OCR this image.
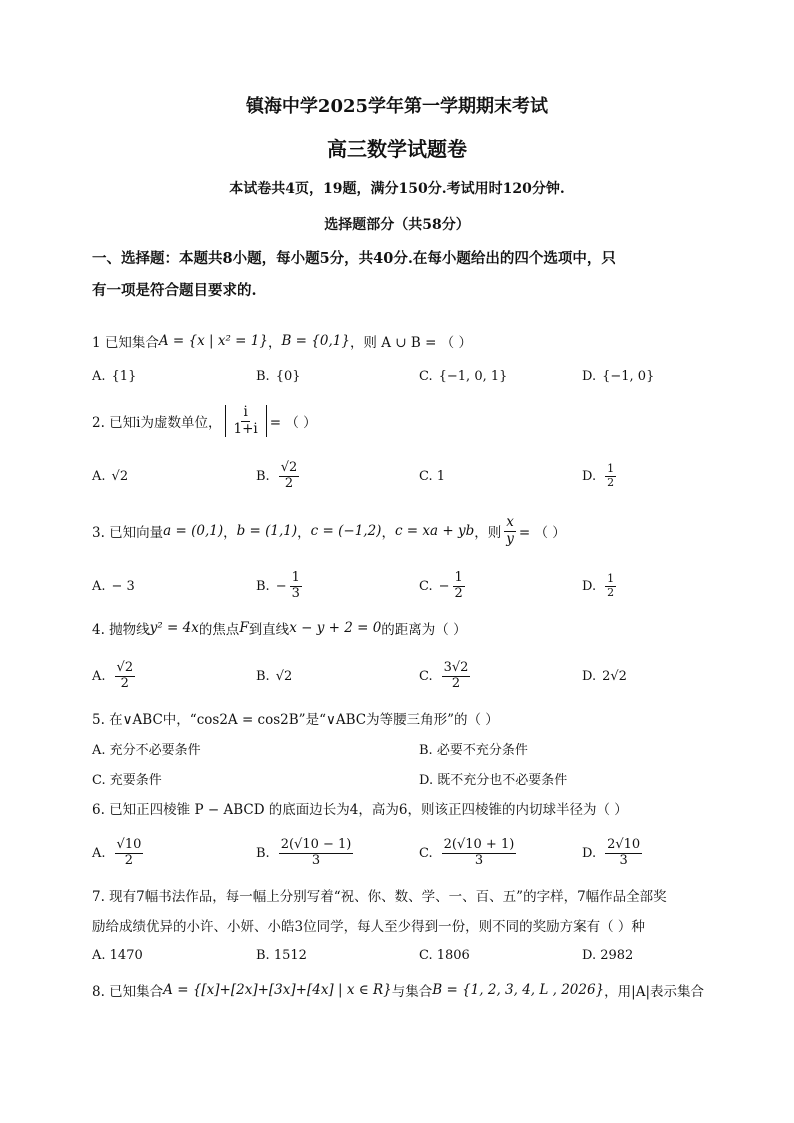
镇海中学2025学年第一学期期末考试
高三数学试题卷
本试卷共4页，19题，满分150分.考试用时120分钟.
选择题部分（共58分）
一、选择题：本题共8小题，每小题5分，共40分.在每小题给出的四个选项中，只
有一项是符合题目要求的.
1 已知集合 A = {x | x² = 1} ， B = {0,1} ，则 A ∪ B = （ ）
A. {1}	B. {0}	C. {−1, 0, 1}	D. {−1, 0}
2. 已知i为虚数单位， $\frac{i}{1+i}$ = （ ）
A. √2	B. $\frac{√2}{2}$	C. 1	D. $\frac{1}{2}$
3. 已知向量 a = (0,1) ， b = (1,1) ， c = (−1,2) ， c = xa + yb ，则 $\frac{x}{y}$ = （ ）
A. − 3	B. − $\frac{1}{3}$	C. − $\frac{1}{2}$	D. $\frac{1}{2}$
4. 抛物线 y² = 4x 的焦点 F 到直线 x − y + 2 = 0 的距离为（ ）
A. $\frac{√2}{2}$	B. √2	C. $\frac{3√2}{2}$	D. 2√2
5. 在∨ABC中，“cos2A = cos2B”是“∨ABC为等腰三角形”的（ ）
A. 充分不必要条件	B. 必要不充分条件
C. 充要条件	D. 既不充分也不必要条件
6. 已知正四棱锥 P − ABCD 的底面边长为4，高为6，则该正四棱锥的内切球半径为（ ）
A. $\frac{√10}{2}$	B. $\frac{2(√10 - 1)}{3}$	C. $\frac{2(√10 + 1)}{3}$	D. $\frac{2√10}{3}$
7. 现有7幅书法作品，每一幅上分别写着“祝、你、数、学、一、百、五”的字样，7幅作品全部奖
励给成绩优异的小许、小妍、小皓3位同学，每人至少得到一份，则不同的奖励方案有（ ）种
A. 1470	B. 1512	C. 1806	D. 2982
8. 已知集合 A = {[x]+[2x]+[3x]+[4x] | x ∈ R} 与集合 B = {1, 2, 3, 4, L , 2026} ，用|A|表示集合
